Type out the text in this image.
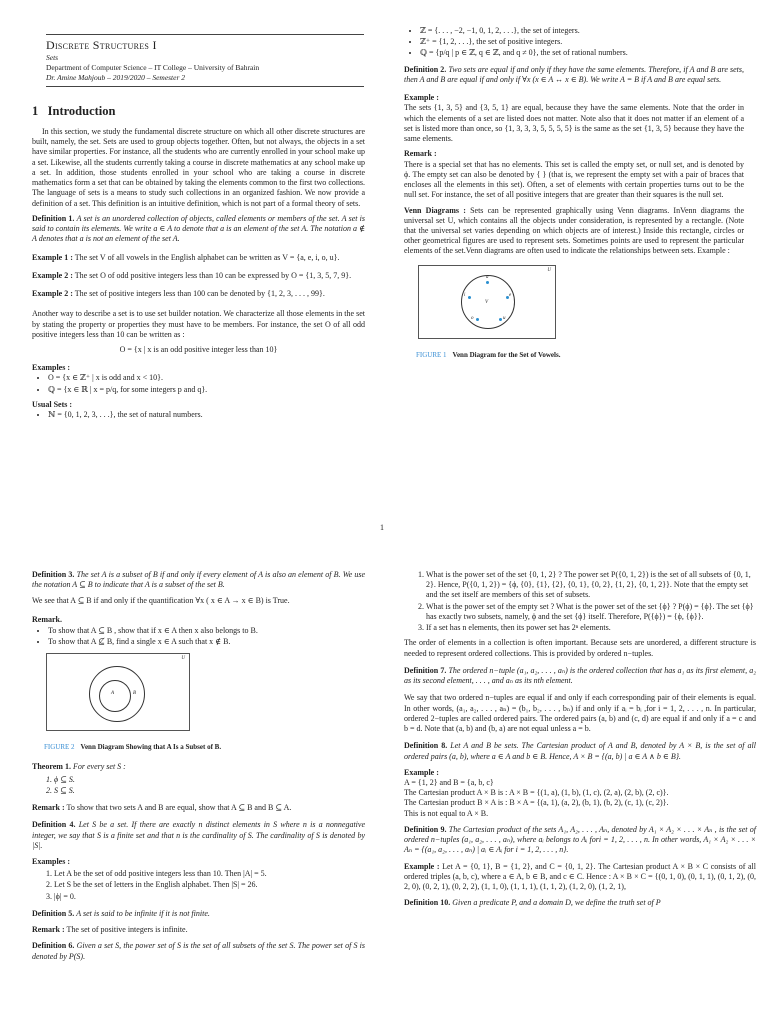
Discrete Structures I
Sets
Department of Computer Science – IT College – University of Bahrain
Dr. Amine Mahjoub – 2019/2020 – Semester 2
1 Introduction

In this section, we study the fundamental discrete structure on which all other discrete structures are built, namely, the set. Sets are used to group objects together. Often, but not always, the objects in a set have similar properties. For instance, all the students who are currently enrolled in your school make up a set. Likewise, all the students currently taking a course in discrete mathematics at any school make up a set. In addition, those students enrolled in your school who are taking a course in discrete mathematics form a set that can be obtained by taking the elements common to the first two collections. The language of sets is a means to study such collections in an organized fashion. We now provide a definition of a set. This definition is an intuitive definition, which is not part of a formal theory of sets.

Definition 1. A set is an unordered collection of objects, called elements or members of the set. A set is said to contain its elements. We write a ∈ A to denote that a is an element of the set A. The notation a ∉ A denotes that a is not an element of the set A.

Example 1 : The set V of all vowels in the English alphabet can be written as V = {a, e, i, o, u}.

Example 2 : The set O of odd positive integers less than 10 can be expressed by O = {1, 3, 5, 7, 9}.

Example 2 : The set of positive integers less than 100 can be denoted by {1, 2, 3, . . . , 99}.

Another way to describe a set is to use set builder notation. We characterize all those elements in the set by stating the property or properties they must have to be members. For instance, the set O of all odd positive integers less than 10 can be written as :

O = {x | x is an odd positive integer less than 10}
Examples :
• O = {x ∈ ℤ⁺ | x is odd and x < 10}.
• ℚ = {x ∈ ℝ | x = p/q, for some integers p and q}.
Usual Sets :
• ℕ = {0, 1, 2, 3, . . .}, the set of natural numbers.
• ℤ = {. . . , −2, −1, 0, 1, 2, . . .}, the set of integers.
• ℤ⁺ = {1, 2, . . .}, the set of positive integers.
• ℚ = {p/q | p ∈ ℤ, q ∈ ℤ, and q ≠ 0}, the set of rational numbers.

Definition 2. Two sets are equal if and only if they have the same elements. Therefore, if A and B are sets, then A and B are equal if and only if ∀x (x ∈ A ↔ x ∈ B). We write A = B if A and B are equal sets.

Example :

The sets {1, 3, 5} and {3, 5, 1} are equal, because they have the same elements. Note that the order in which the elements of a set are listed does not matter. Note also that it does not matter if an element of a set is listed more than once, so {1, 3, 3, 3, 5, 5, 5, 5} is the same as the set {1, 3, 5} because they have the same elements.

Remark :

There is a special set that has no elements. This set is called the empty set, or null set, and is denoted by ϕ. The empty set can also be denoted by { } (that is, we represent the empty set with a pair of braces that encloses all the elements in this set). Often, a set of elements with certain properties turns out to be the null set. For instance, the set of all positive integers that are greater than their squares is the null set.

Venn Diagrams : Sets can be represented graphically using Venn diagrams. InVenn diagrams the universal set U, which contains all the objects under consideration, is represented by a rectangle. (Note that the universal set varies depending on which objects are of interest.) Inside this rectangle, circles or other geometrical figures are used to represent sets. Sometimes points are used to represent the particular elements of the set.Venn diagrams are often used to indicate the relationships between sets. Example :

U
V
a
e
i
o	u
FIGURE 1 Venn Diagram for the Set of Vowels.
1

Definition 3. The set A is a subset of B if and only if every element of A is also an element of B. We use the notation A ⊆ B to indicate that A is a subset of the set B.

We see that A ⊆ B if and only if the quantification ∀x ( x ∈ A → x ∈ B) is True.

Remark.

• To show that A ⊆ B , show that if x ∈ A then x also belongs to B.
• To show that A ⊈ B, find a single x ∈ A such that x ∉ B.
U
A	B
FIGURE 2 Venn Diagram Showing that A Is a Subset of B.

Theorem 1. For every set S :

1. ϕ ⊆ S.
2. S ⊆ S.

Remark : To show that two sets A and B are equal, show that A ⊆ B and B ⊆ A.

Definition 4. Let S be a set. If there are exactly n distinct elements in S where n is a nonnegative integer, we say that S is a finite set and that n is the cardinality of S. The cardinality of S is denoted by |S|.

Examples :

1. Let A be the set of odd positive integers less than 10. Then |A| = 5.
2. Let S be the set of letters in the English alphabet. Then |S| = 26.
3. |ϕ| = 0.

Definition 5. A set is said to be infinite if it is not finite.

Remark : The set of positive integers is infinite.

Definition 6. Given a set S, the power set of S is the set of all subsets of the set S. The power set of S is denoted by P(S).

1. What is the power set of the set {0, 1, 2} ? The power set P({0, 1, 2}) is the set of all subsets of {0, 1, 2}. Hence, P({0, 1, 2}) = {ϕ, {0}, {1}, {2}, {0, 1}, {0, 2}, {1, 2}, {0, 1, 2}}. Note that the empty set and the set itself are members of this set of subsets.
2. What is the power set of the empty set ? What is the power set of the set {ϕ} ? P(ϕ) = {ϕ}. The set {ϕ} has exactly two subsets, namely, ϕ and the set {ϕ} itself. Therefore, P({ϕ}) = {ϕ, {ϕ}}.
3. If a set has n elements, then its power set has 2ⁿ elements.

The order of elements in a collection is often important. Because sets are unordered, a different structure is needed to represent ordered collections. This is provided by ordered n−tuples.

Definition 7. The ordered n−tuple (a₁, a₂, . . . , aₙ) is the ordered collection that has a₁ as its first element, a₂ as its second element, . . . , and aₙ as its nth element.

We say that two ordered n−tuples are equal if and only if each corresponding pair of their elements is equal. In other words, (a₁, a₂, . . . , aₙ) = (b₁, b₂, . . . , bₙ) if and only if aᵢ = bᵢ ,for i = 1, 2, . . . , n. In particular, ordered 2−tuples are called ordered pairs. The ordered pairs (a, b) and (c, d) are equal if and only if a = c and b = d. Note that (a, b) and (b, a) are not equal unless a = b.

Definition 8. Let A and B be sets. The Cartesian product of A and B, denoted by A × B, is the set of all ordered pairs (a, b), where a ∈ A and b ∈ B. Hence, A × B = {(a, b) | a ∈ A ∧ b ∈ B}.

Example :

A = {1, 2} and B = {a, b, c}
The Cartesian product A × B is : A × B = {(1, a), (1, b), (1, c), (2, a), (2, b), (2, c)}.
The Cartesian product B × A is : B × A = {(a, 1), (a, 2), (b, 1), (b, 2), (c, 1), (c, 2)}.
This is not equal to A × B.

Definition 9. The Cartesian product of the sets A₁, A₂, . . . , Aₙ, denoted by A₁ × A₂ × . . . × Aₙ , is the set of ordered n−tuples (a₁, a₂, . . . , aₙ), where aᵢ belongs to Aᵢ fori = 1, 2, . . . , n. In other words, A₁ × A₂ × . . . × Aₙ = {(a₁, a₂, . . . , aₙ) | aᵢ ∈ Aᵢ for i = 1, 2, . . . , n}.

Example : Let A = {0, 1}, B = {1, 2}, and C = {0, 1, 2}. The Cartesian product A × B × C consists of all ordered triples (a, b, c), where a ∈ A, b ∈ B, and c ∈ C. Hence : A × B × C = {(0, 1, 0), (0, 1, 1), (0, 1, 2), (0, 2, 0), (0, 2, 1), (0, 2, 2), (1, 1, 0), (1, 1, 1), (1, 1, 2), (1, 2, 0), (1, 2, 1),

Definition 10. Given a predicate P, and a domain D, we define the truth set of P
